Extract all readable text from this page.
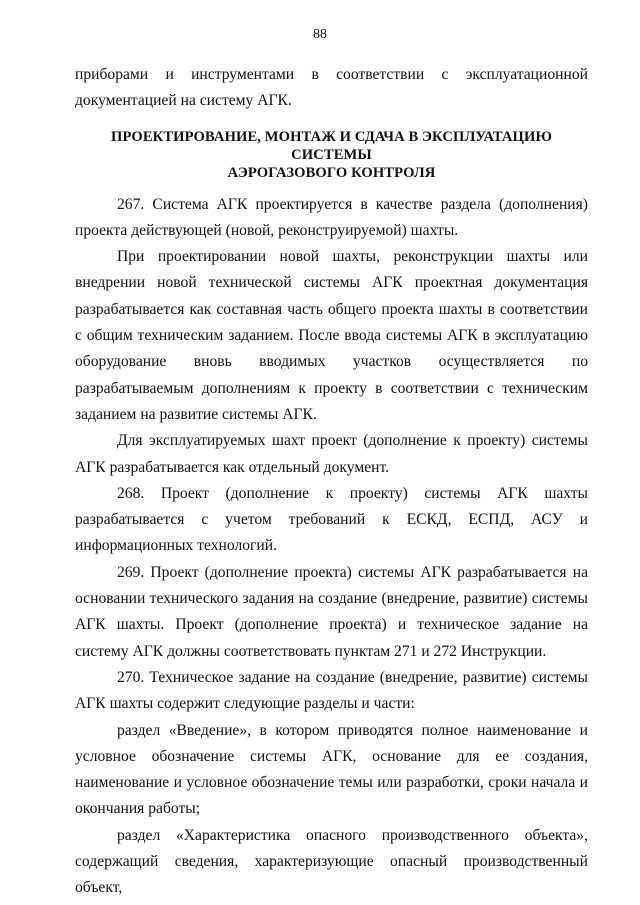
88

приборами и инструментами в соответствии с эксплуатационной документацией на систему АГК.

ПРОЕКТИРОВАНИЕ, МОНТАЖ И СДАЧА В ЭКСПЛУАТАЦИЮ СИСТЕМЫ
АЭРОГАЗОВОГО КОНТРОЛЯ

267. Система АГК проектируется в качестве раздела (дополнения) проекта действующей (новой, реконструируемой) шахты.

При проектировании новой шахты, реконструкции шахты или внедрении новой технической системы АГК проектная документация разрабатывается как составная часть общего проекта шахты в соответствии с общим техническим заданием. После ввода системы АГК в эксплуатацию оборудование вновь вводимых участков осуществляется по разрабатываемым дополнениям к проекту в соответствии с техническим заданием на развитие системы АГК.

Для эксплуатируемых шахт проект (дополнение к проекту) системы АГК разрабатывается как отдельный документ.

268. Проект (дополнение к проекту) системы АГК шахты разрабатывается с учетом требований к ЕСКД, ЕСПД, АСУ и информационных технологий.

269. Проект (дополнение проекта) системы АГК разрабатывается на основании технического задания на создание (внедрение, развитие) системы АГК шахты. Проект (дополнение проекта) и техническое задание на систему АГК должны соответствовать пунктам 271 и 272 Инструкции.

270. Техническое задание на создание (внедрение, развитие) системы АГК шахты содержит следующие разделы и части:

раздел «Введение», в котором приводятся полное наименование и условное обозначение системы АГК, основание для ее создания, наименование и условное обозначение темы или разработки, сроки начала и окончания работы;

раздел «Характеристика опасного производственного объекта», содержащий сведения, характеризующие опасный производственный объект,
